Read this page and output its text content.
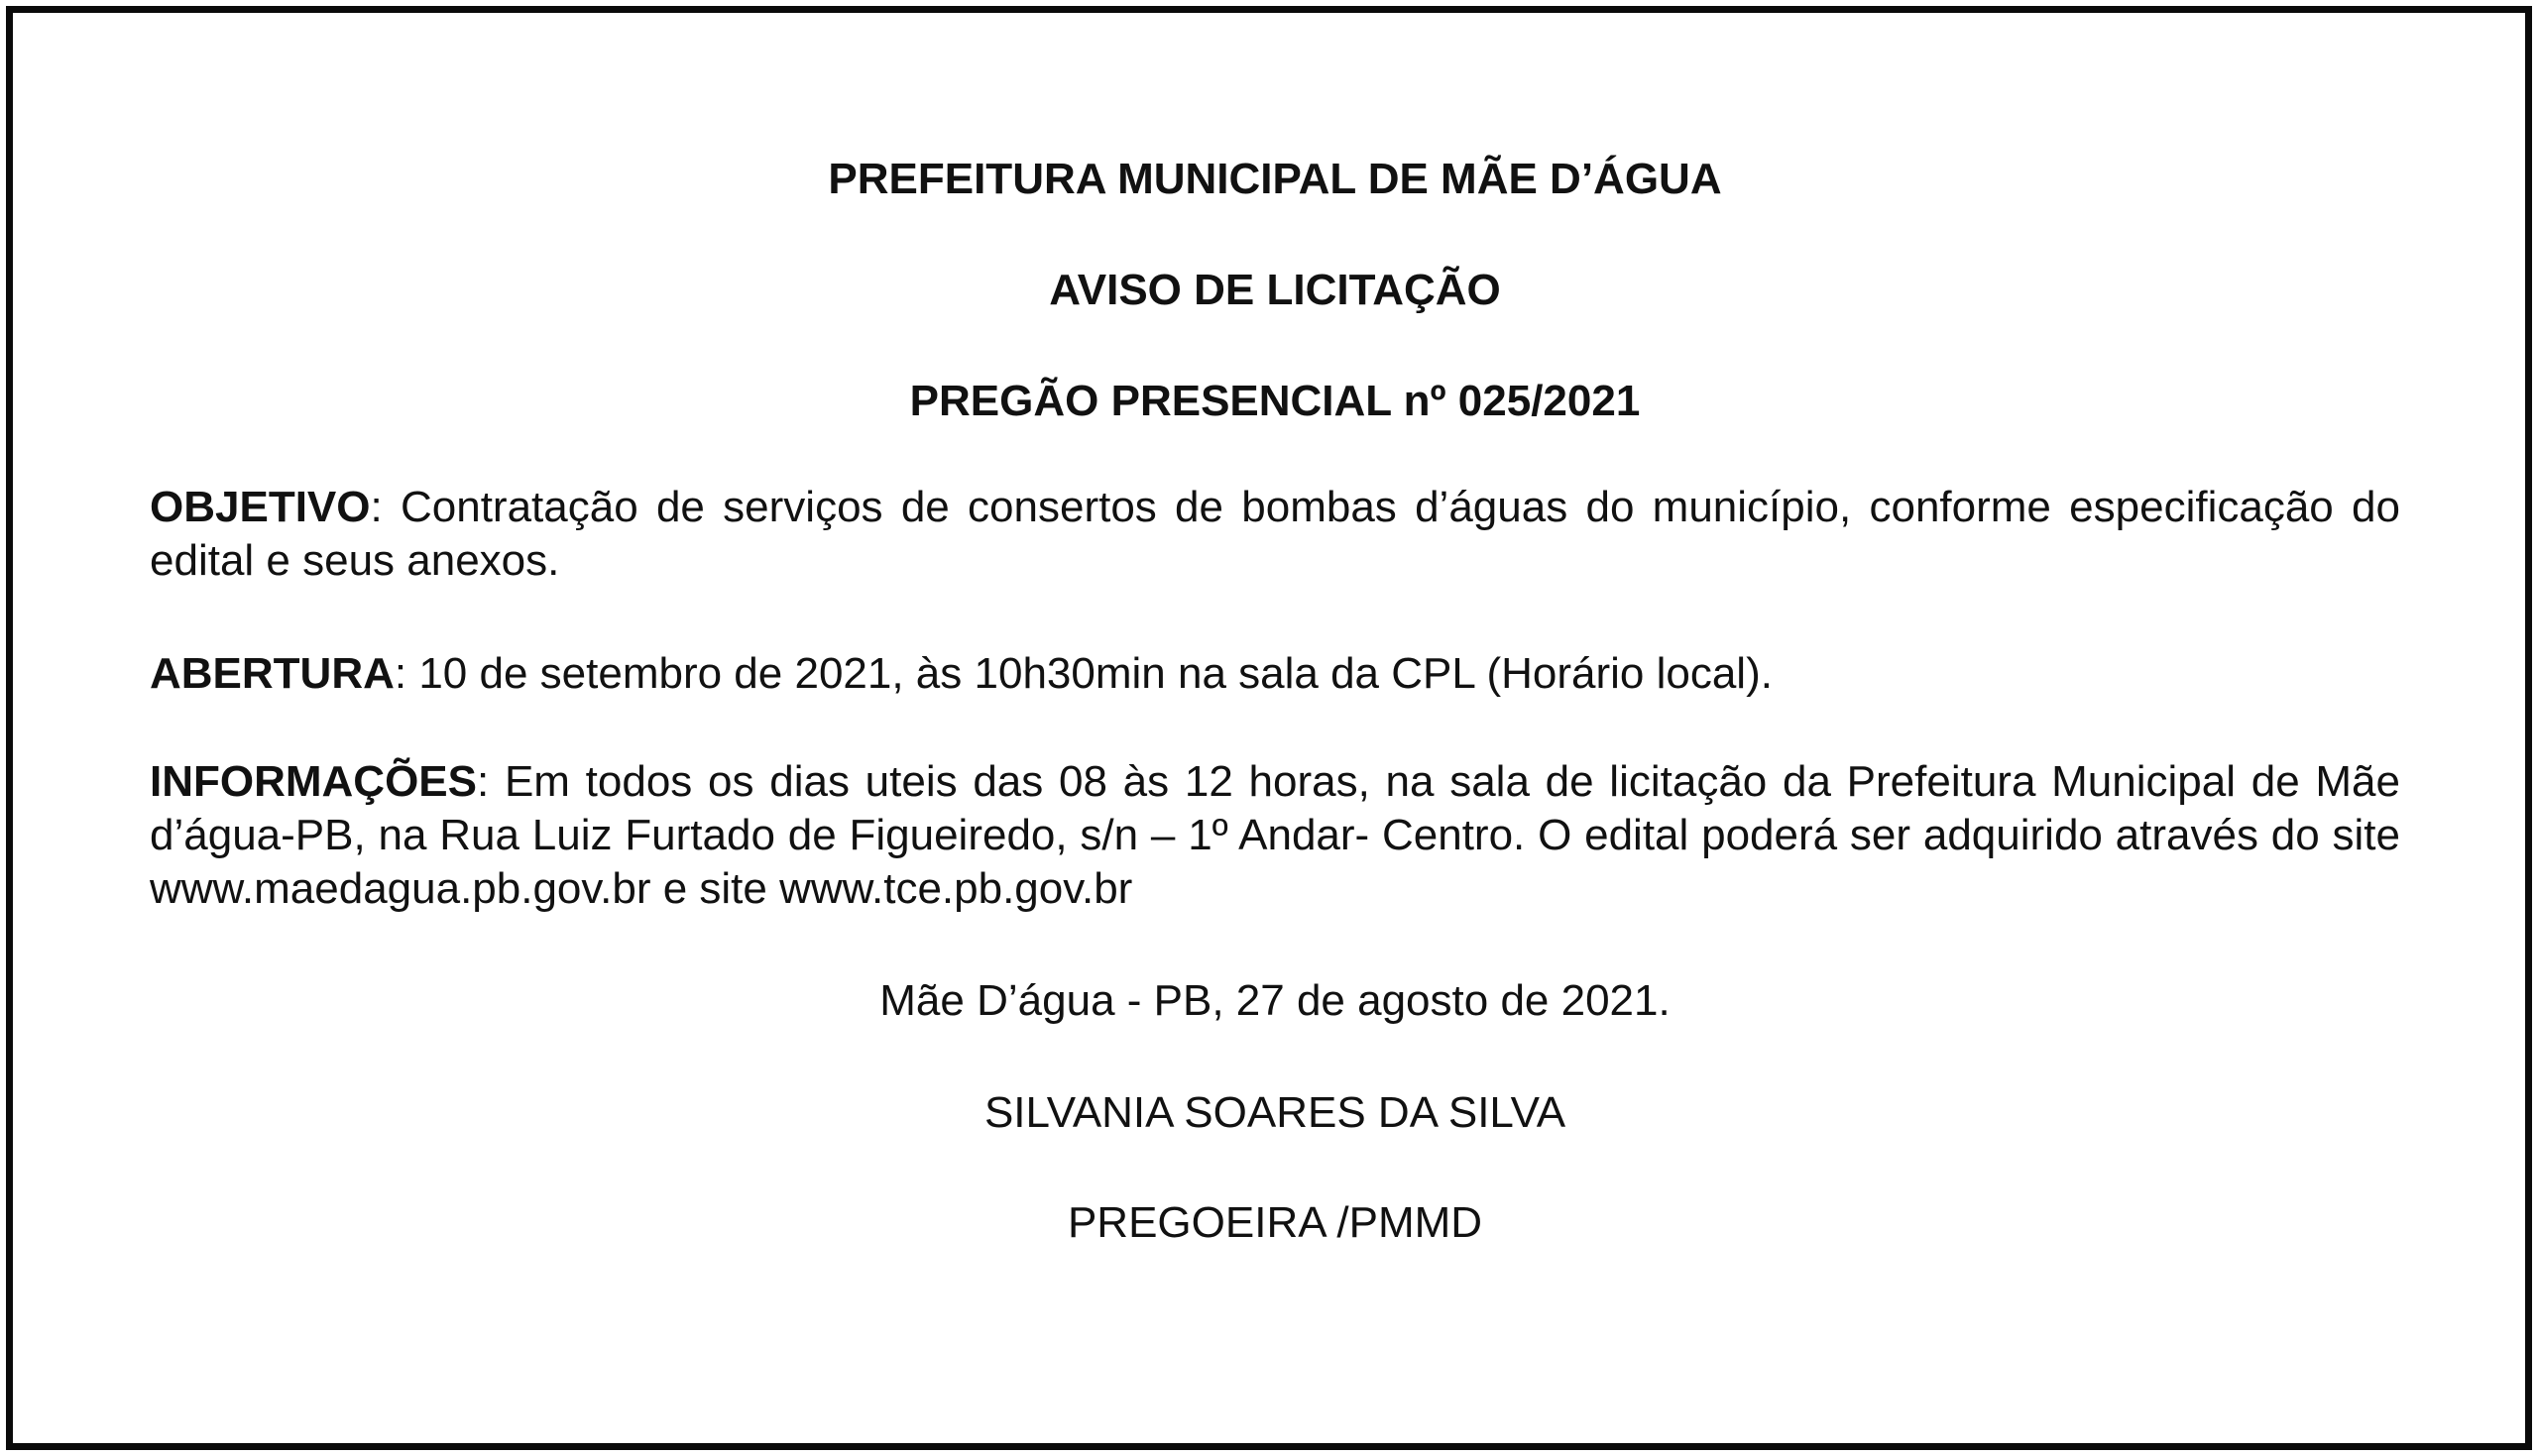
PREFEITURA MUNICIPAL DE MÃE D’ÁGUA
AVISO DE LICITAÇÃO
PREGÃO PRESENCIAL nº 025/2021
OBJETIVO: Contratação de serviços de consertos de bombas d’águas do município, conforme especificação do edital e seus anexos.
ABERTURA: 10 de setembro de 2021, às 10h30min na sala da CPL (Horário local).
INFORMAÇÕES: Em todos os dias uteis das 08 às 12 horas, na sala de licitação da Prefeitura Municipal de Mãe d’água-PB, na Rua Luiz Furtado de Figueiredo, s/n – 1º Andar- Centro. O edital poderá ser adquirido através do site www.maedagua.pb.gov.br e site www.tce.pb.gov.br
Mãe D’água - PB, 27 de agosto de 2021.
SILVANIA SOARES DA SILVA
PREGOEIRA /PMMD
